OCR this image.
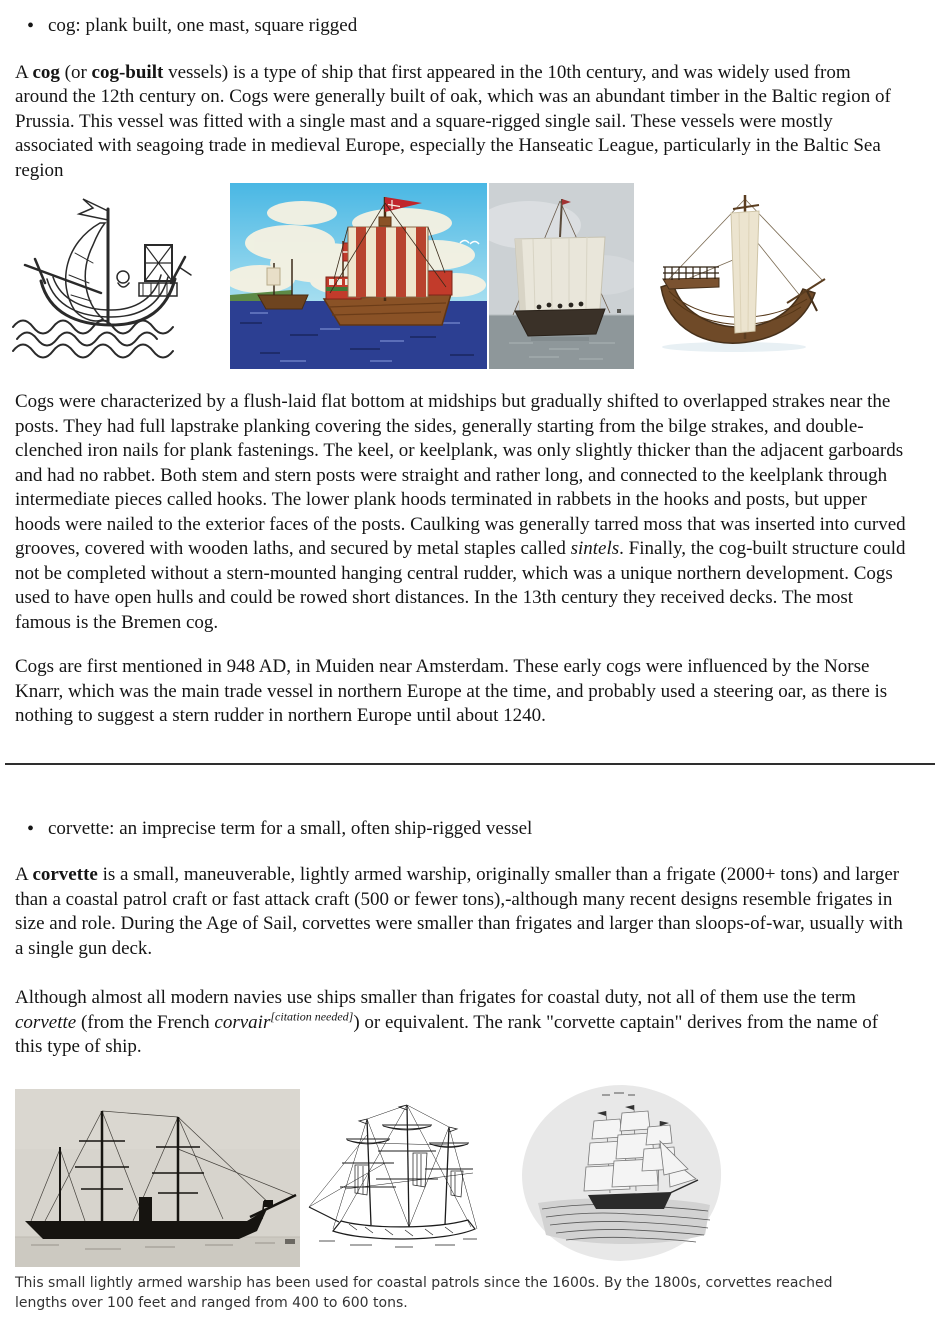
• cog: plank built, one mast, square rigged

A cog (or cog-built vessels) is a type of ship that first appeared in the 10th century, and was widely used from around the 12th century on. Cogs were generally built of oak, which was an abundant timber in the Baltic region of Prussia. This vessel was fitted with a single mast and a square-rigged single sail. These vessels were mostly associated with seagoing trade in medieval Europe, especially the Hanseatic League, particularly in the Baltic Sea region

Cogs were characterized by a flush-laid flat bottom at midships but gradually shifted to overlapped strakes near the posts. They had full lapstrake planking covering the sides, generally starting from the bilge strakes, and double-clenched iron nails for plank fastenings. The keel, or keelplank, was only slightly thicker than the adjacent garboards and had no rabbet. Both stem and stern posts were straight and rather long, and connected to the keelplank through intermediate pieces called hooks. The lower plank hoods terminated in rabbets in the hooks and posts, but upper hoods were nailed to the exterior faces of the posts. Caulking was generally tarred moss that was inserted into curved grooves, covered with wooden laths, and secured by metal staples called sintels. Finally, the cog-built structure could not be completed without a stern-mounted hanging central rudder, which was a unique northern development. Cogs used to have open hulls and could be rowed short distances. In the 13th century they received decks. The most famous is the Bremen cog.

Cogs are first mentioned in 948 AD, in Muiden near Amsterdam. These early cogs were influenced by the Norse Knarr, which was the main trade vessel in northern Europe at the time, and probably used a steering oar, as there is nothing to suggest a stern rudder in northern Europe until about 1240.

• corvette: an imprecise term for a small, often ship-rigged vessel

A corvette is a small, maneuverable, lightly armed warship, originally smaller than a frigate (2000+ tons) and larger than a coastal patrol craft or fast attack craft (500 or fewer tons),-although many recent designs resemble frigates in size and role. During the Age of Sail, corvettes were smaller than frigates and larger than sloops-of-war, usually with a single gun deck.

Although almost all modern navies use ships smaller than frigates for coastal duty, not all of them use the term corvette (from the French corvair[citation needed]) or equivalent. The rank "corvette captain" derives from the name of this type of ship.

This small lightly armed warship has been used for coastal patrols since the 1600s. By the 1800s, corvettes reached lengths over 100 feet and ranged from 400 to 600 tons.
